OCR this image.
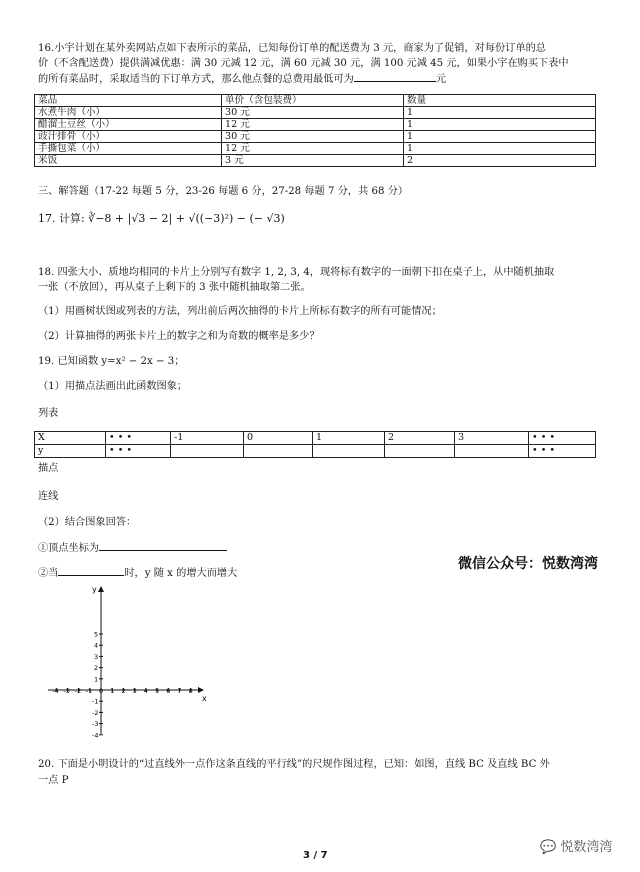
16.小宇计划在某外卖网站点如下表所示的菜品，已知每份订单的配送费为 3 元，商家为了促销，对每份订单的总
价（不含配送费）提供满减优惠：满 30 元减 12 元，满 60 元减 30 元，满 100 元减 45 元，如果小宇在购买下表中
的所有菜品时，采取适当的下订单方式，那么他点餐的总费用最低可为	元
菜品	单价（含包装费）	数量
水煮牛肉（小）	30 元	1
醋溜土豆丝（小）	12 元	1
豉汁排骨（小）	30 元	1
手撕包菜（小）	12 元	1
米饭	3 元	2
三、解答题（17-22 每题 5 分，23-26 每题 6 分，27-28 每题 7 分，共 68 分）
17. 计算: ∛−8 + |√3 − 2| + √((−3)²) − (− √3)
18. 四张大小、质地均相同的卡片上分别写有数字 1, 2, 3, 4，现将标有数字的一面朝下扣在桌子上，从中随机抽取
一张（不放回），再从桌子上剩下的 3 张中随机抽取第二张。
（1）用画树状图或列表的方法，列出前后两次抽得的卡片上所标有数字的所有可能情况；
（2）计算抽得的两张卡片上的数字之和为奇数的概率是多少？
19. 已知函数 y=x² − 2x − 3；
（1）用描点法画出此函数图象；
列表
X	• • •	-1	0	1	2	3	• • •
y	• • •						• • •
描点
连线
（2）结合图象回答：
①顶点坐标为
②当	时，y 随 x 的增大而增大
微信公众号：悦数湾湾
x
y
-4 -3 -2 -1 0 1 2 3 4 5 6 7 8
5
4
3
2
1
-1
-2
-3
-4
20. 下面是小明设计的“过直线外一点作这条直线的平行线”的尺规作图过程，已知：如图，直线 BC 及直线 BC 外
一点 P
💬 悦数湾湾
3 / 7
